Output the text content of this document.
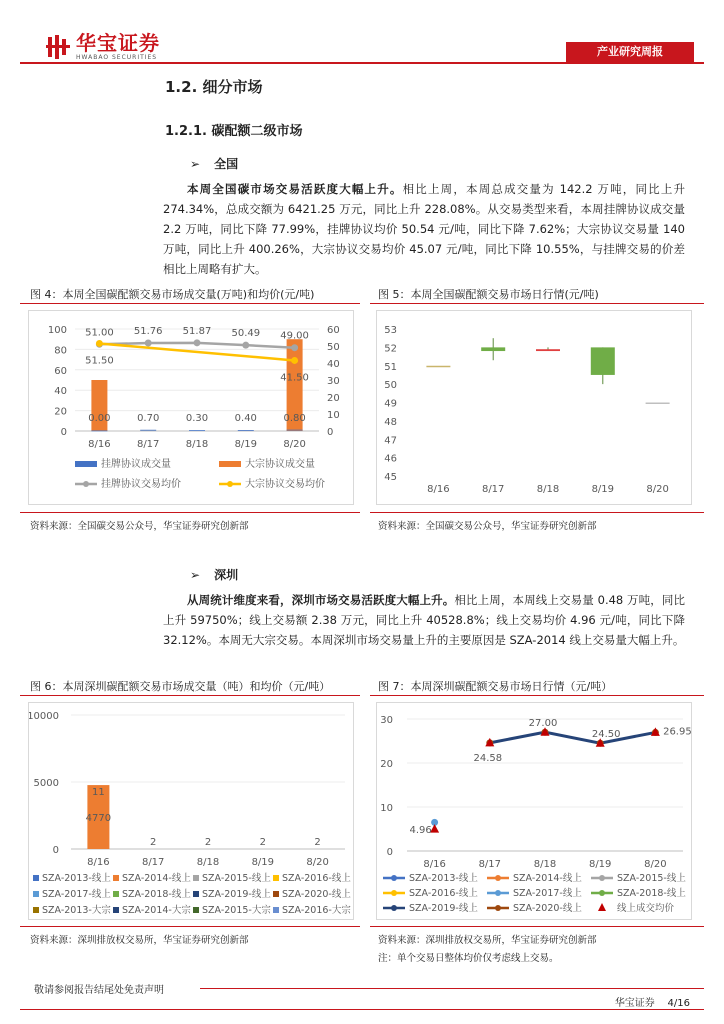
华宝证券
HWABAO SECURITIES	产业研究周报
1.2. 细分市场
1.2.1. 碳配额二级市场
➢ 全国
本周全国碳市场交易活跃度大幅上升。相比上周，本周总成交量为 142.2 万吨，同比上升 274.34%，总成交额为 6421.25 万元，同比上升 228.08%。从交易类型来看，本周挂牌协议成交量 2.2 万吨，同比下降 77.99%，挂牌协议均价 50.54 元/吨，同比下降 7.62%；大宗协议交易量 140 万吨，同比上升 400.26%，大宗协议交易均价 45.07 元/吨，同比下降 10.55%，与挂牌交易的价差相比上周略有扩大。
图 4：本周全国碳配额交易市场成交量(万吨)和均价(元/吨)	图 5：本周全国碳配额交易市场日行情(元/吨)
0
20
40
60
80
100
0
10
20
30
40
50
60
8/16	8/17	8/18	8/19	8/20
0.00	0.70	0.30	0.40	0.80
51.00 51.76 51.87 50.49 49.00
51.50
41.50
挂牌协议成交量	大宗协议成交量
挂牌协议交易均价	大宗协议交易均价
45
46
47
48
49
50
51
52
53
8/16	8/17	8/18	8/19	8/20
资料来源：全国碳交易公众号，华宝证券研究创新部	资料来源：全国碳交易公众号，华宝证券研究创新部
➢ 深圳
从周统计维度来看，深圳市场交易活跃度大幅上升。相比上周，本周线上交易量 0.48 万吨，同比上升 59750%；线上交易额 2.38 万元，同比上升 40528.8%；线上交易均价 4.96 元/吨，同比下降 32.12%。本周无大宗交易。本周深圳市场交易量上升的主要原因是 SZA-2014 线上交易量大幅上升。
图 6：本周深圳碳配额交易市场成交量（吨）和均价（元/吨）	图 7：本周深圳碳配额交易市场日行情（元/吨）
0
5000
10000
8/16	8/17	8/18	8/19	8/20
11
2	2	2	2
4770
SZA-2013-线上 SZA-2014-线上 SZA-2015-线上 SZA-2016-线上
SZA-2017-线上 SZA-2018-线上 SZA-2019-线上 SZA-2020-线上
SZA-2013-大宗 SZA-2014-大宗 SZA-2015-大宗 SZA-2016-大宗
0
10
20
30
8/16	8/17	8/18	8/19	8/20
4.96
24.58
27.00
24.50	26.95
SZA-2013-线上	SZA-2014-线上	SZA-2015-线上
SZA-2016-线上	SZA-2017-线上	SZA-2018-线上
SZA-2019-线上	SZA-2020-线上	线上成交均价
资料来源：深圳排放权交易所，华宝证券研究创新部	资料来源：深圳排放权交易所，华宝证券研究创新部
注：单个交易日整体均价仅考虑线上交易。
敬请参阅报告结尾处免责声明
华宝证券 4/16
